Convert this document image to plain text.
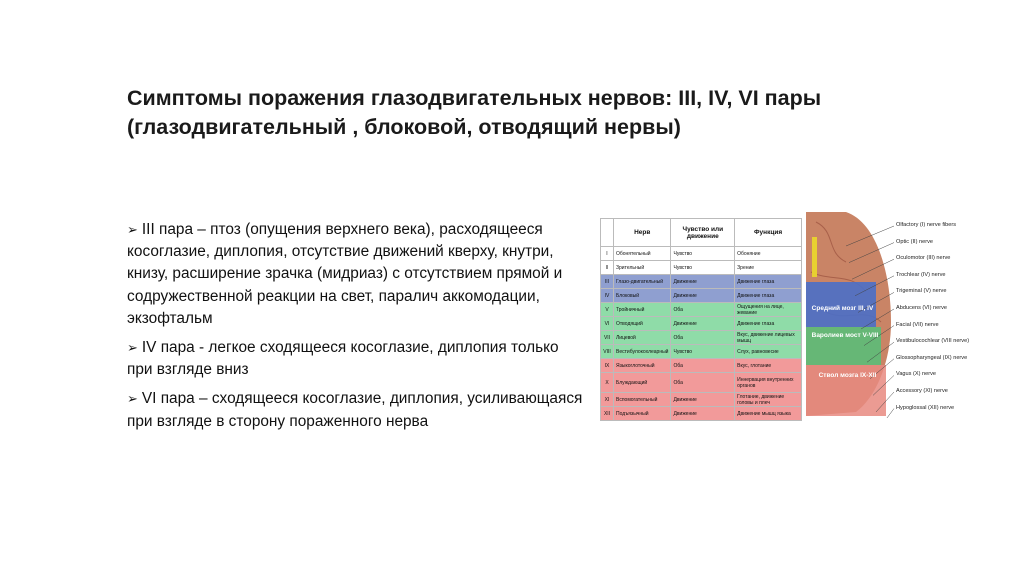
Симптомы поражения глазодвигательных нервов: III, IV, VI пары (глазодвигательный , блоковой, отводящий нервы)
➢ III пара – птоз (опущения верхнего века), расходящееся косоглазие, диплопия, отсутствие движений кверху, кнутри, книзу, расширение зрачка (мидриаз) с отсутствием прямой и содружественной реакции на свет, паралич аккомодации, экзофтальм
➢ IV пара - легкое сходящееся косоглазие, диплопия только при взгляде вниз
➢ VI пара – сходящееся косоглазие, диплопия, усиливающаяся при взгляде в сторону пораженного нерва
	Нерв	Чувство или движение	Функция
I	Обонятельный	Чувство	Обоняние
II	Зрительный	Чувство	Зрение
III	Глазо-двигательный	Движение	Движение глаза
IV	Блоковый	Движение	Движение глаза
V	Тройничный	Оба	Ощущения на лице, жевание
VI	Отводящий	Движение	Движение глаза
VII	Лицевой	Оба	Вкус, движение лицевых мышц
VIII	Вестибулокохлеарный	Чувство	Слух, равновесие
IX	Языкоглоточный	Оба	Вкус, глотание
X	Блуждающий	Оба	Иннервация внутренних органов
XI	Вспомогательный	Движение	Глотание, движение головы и плеч
XII	Подъязычный	Движение	Движение мышц языка
Средний мозг III, IV
Варолиев мост V-VIII
Ствол мозга IX-XII
Olfactory (I) nerve fibers
Optic (II) nerve
Oculomotor (III) nerve
Trochlear (IV) nerve
Trigeminal (V) nerve
Abducens (VI) nerve
Facial (VII) nerve
Vestibulocochlear (VIII nerve)
Glossopharyngeal (IX) nerve
Vagus (X) nerve
Accessory (XI) nerve
Hypoglossal (XII) nerve
